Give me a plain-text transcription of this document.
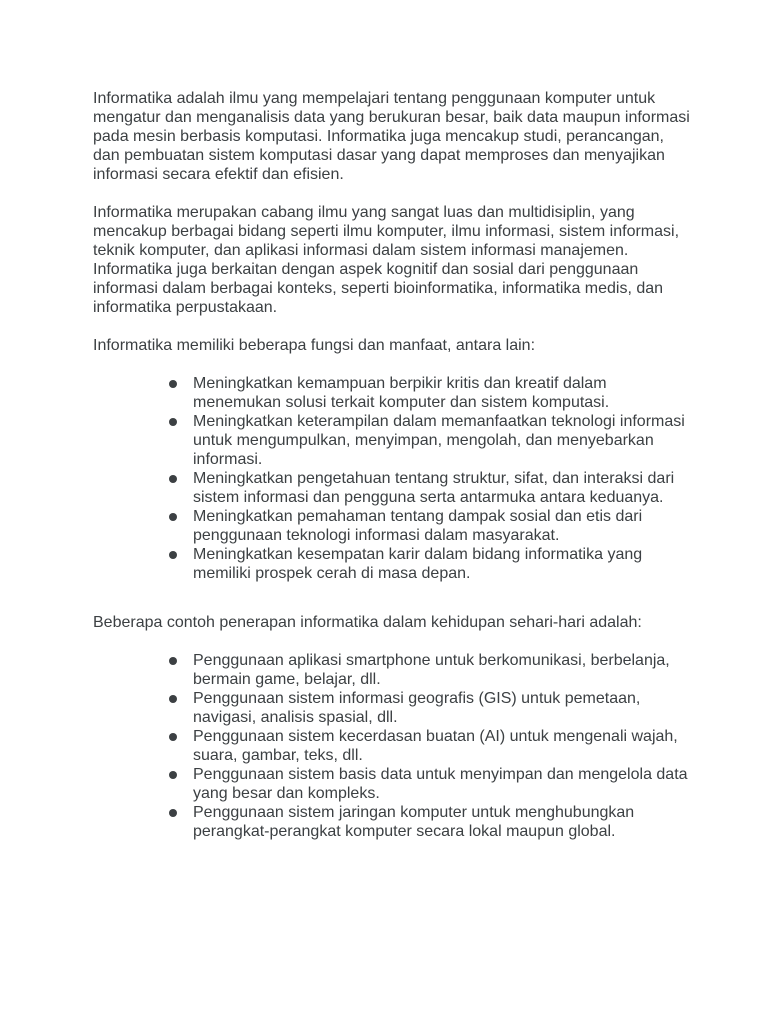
Informatika adalah ilmu yang mempelajari tentang penggunaan komputer untuk mengatur dan menganalisis data yang berukuran besar, baik data maupun informasi pada mesin berbasis komputasi. Informatika juga mencakup studi, perancangan, dan pembuatan sistem komputasi dasar yang dapat memproses dan menyajikan informasi secara efektif dan efisien.

Informatika merupakan cabang ilmu yang sangat luas dan multidisiplin, yang mencakup berbagai bidang seperti ilmu komputer, ilmu informasi, sistem informasi, teknik komputer, dan aplikasi informasi dalam sistem informasi manajemen. Informatika juga berkaitan dengan aspek kognitif dan sosial dari penggunaan informasi dalam berbagai konteks, seperti bioinformatika, informatika medis, dan informatika perpustakaan.

Informatika memiliki beberapa fungsi dan manfaat, antara lain:

Meningkatkan kemampuan berpikir kritis dan kreatif dalam menemukan solusi terkait komputer dan sistem komputasi.
Meningkatkan keterampilan dalam memanfaatkan teknologi informasi untuk mengumpulkan, menyimpan, mengolah, dan menyebarkan informasi.
Meningkatkan pengetahuan tentang struktur, sifat, dan interaksi dari sistem informasi dan pengguna serta antarmuka antara keduanya.
Meningkatkan pemahaman tentang dampak sosial dan etis dari penggunaan teknologi informasi dalam masyarakat.
Meningkatkan kesempatan karir dalam bidang informatika yang memiliki prospek cerah di masa depan.

Beberapa contoh penerapan informatika dalam kehidupan sehari-hari adalah:

Penggunaan aplikasi smartphone untuk berkomunikasi, berbelanja, bermain game, belajar, dll.
Penggunaan sistem informasi geografis (GIS) untuk pemetaan, navigasi, analisis spasial, dll.
Penggunaan sistem kecerdasan buatan (AI) untuk mengenali wajah, suara, gambar, teks, dll.
Penggunaan sistem basis data untuk menyimpan dan mengelola data yang besar dan kompleks.
Penggunaan sistem jaringan komputer untuk menghubungkan perangkat-perangkat komputer secara lokal maupun global.
